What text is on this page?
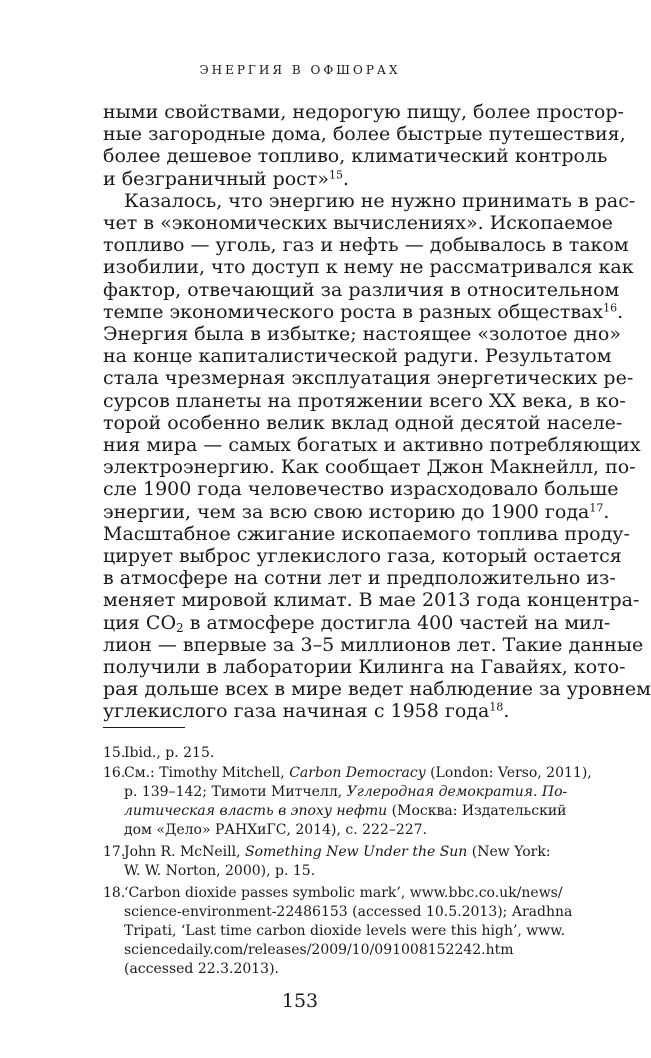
ЭНЕРГИЯ В ОФШОРАХ
ными свойствами, недорогую пищу, более простор-
ные загородные дома, более быстрые путешествия,
более дешевое топливо, климатический контроль
и безграничный рост»$^{15}$.
Казалось, что энергию не нужно принимать в рас-
чет в «экономических вычислениях». Ископаемое
топливо — уголь, газ и нефть — добывалось в таком
изобилии, что доступ к нему не рассматривался как
фактор, отвечающий за различия в относительном
темпе экономического роста в разных обществах$^{16}$.
Энергия была в избытке; настоящее «золотое дно»
на конце капиталистической радуги. Результатом
стала чрезмерная эксплуатация энергетических ре-
сурсов планеты на протяжении всего XX века, в ко-
торой особенно велик вклад одной десятой населе-
ния мира — самых богатых и активно потребляющих
электроэнергию. Как сообщает Джон Макнейлл, по-
сле 1900 года человечество израсходовало больше
энергии, чем за всю свою историю до 1900 года$^{17}$.
Масштабное сжигание ископаемого топлива проду-
цирует выброс углекислого газа, который остается
в атмосфере на сотни лет и предположительно из-
меняет мировой климат. В мае 2013 года концентра-
ция $CO_2$ в атмосфере достигла 400 частей на мил-
лион — впервые за 3–5 миллионов лет. Такие данные
получили в лаборатории Килинга на Гавайях, кото-
рая дольше всех в мире ведет наблюдение за уровнем
углекислого газа начиная с 1958 года$^{18}$.
15.
Ibid., p. 215.
16.
См.: Timothy Mitchell, Carbon Democracy (London: Verso, 2011),
p. 139–142; Тимоти Митчелл, Углеродная демократия. По-
литическая власть в эпоху нефти (Москва: Издательский
дом «Дело» РАНХиГС, 2014), с. 222–227.
17.
John R. McNeill, Something New Under the Sun (New York:
W. W. Norton, 2000), p. 15.
18.
‘Carbon dioxide passes symbolic mark’, www.bbc.co.uk/news/
science-environment-22486153 (accessed 10.5.2013); Aradhna
Tripati, ‘Last time carbon dioxide levels were this high’, www.
sciencedaily.com/releases/2009/10/091008152242.htm
(accessed 22.3.2013).
153
